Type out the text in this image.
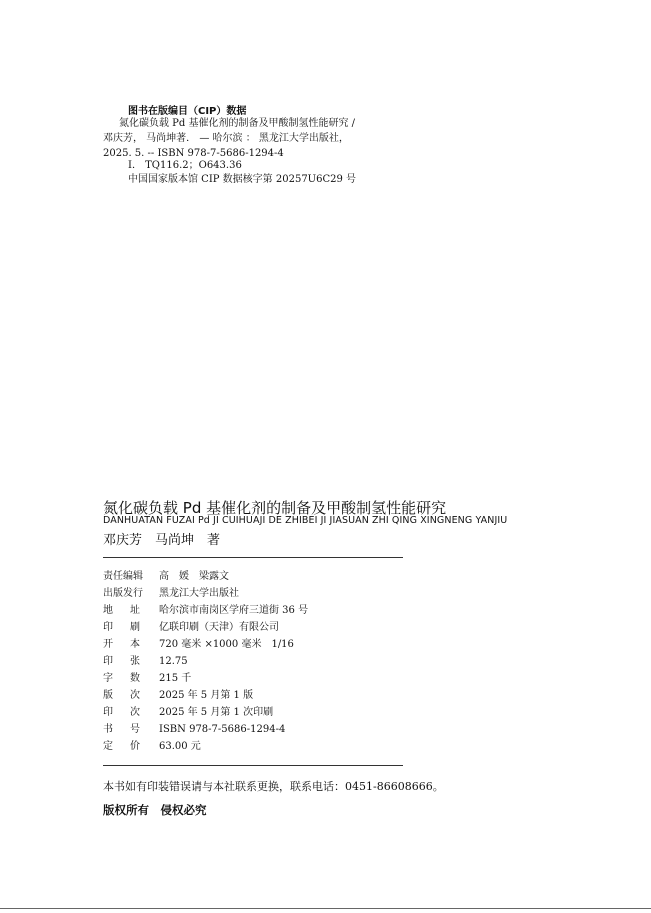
图书在版编目（CIP）数据
氮化碳负载 Pd 基催化剂的制备及甲酸制氢性能研究 /
邓庆芳， 马尚坤著． — 哈尔滨 ： 黑龙江大学出版社，
2025. 5. -- ISBN 978-7-5686-1294-4
Ⅰ． TQ116.2；O643.36
中国国家版本馆 CIP 数据核字第 20257U6C29 号
氮化碳负载 Pd 基催化剂的制备及甲酸制氢性能研究
DANHUATAN FUZAI Pd JI CUIHUAJI DE ZHIBEI JI JIASUAN ZHI QING XINGNENG YANJIU
邓庆芳　马尚坤　著
责任编辑 高　媛　梁露文
出版发行 黑龙江大学出版社
地址 哈尔滨市南岗区学府三道街 36 号
印刷 亿联印刷（天津）有限公司
开本 720 毫米 ×1000 毫米　1/16
印张 12.75
字数 215 千
版次 2025 年 5 月第 1 版
印次 2025 年 5 月第 1 次印刷
书号 ISBN 978-7-5686-1294-4
定价 63.00 元
本书如有印装错误请与本社联系更换，联系电话：0451-86608666。
版权所有　侵权必究
